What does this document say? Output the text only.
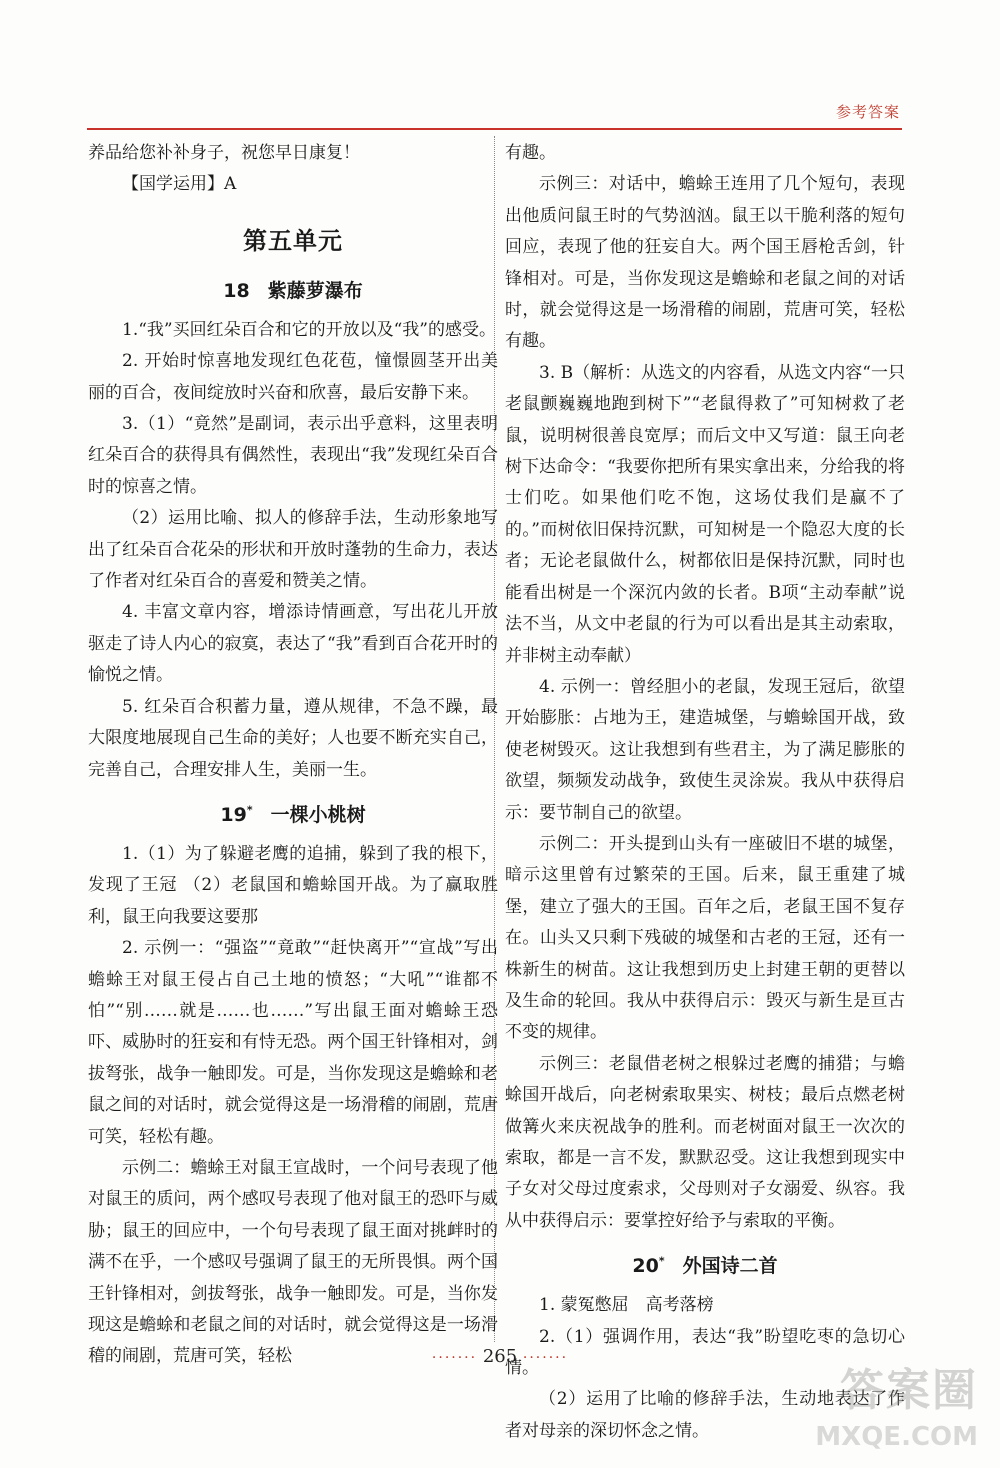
参考答案

养品给您补补身子，祝您早日康复！

【国学运用】A

第五单元
18 紫藤萝瀑布

1.“我”买回红朵百合和它的开放以及“我”的感受。

2. 开始时惊喜地发现红色花苞，憧憬圆茎开出美丽的百合，夜间绽放时兴奋和欣喜，最后安静下来。

3.（1）“竟然”是副词，表示出乎意料，这里表明红朵百合的获得具有偶然性，表现出“我”发现红朵百合时的惊喜之情。

（2）运用比喻、拟人的修辞手法，生动形象地写出了红朵百合花朵的形状和开放时蓬勃的生命力，表达了作者对红朵百合的喜爱和赞美之情。

4. 丰富文章内容，增添诗情画意，写出花儿开放驱走了诗人内心的寂寞，表达了“我”看到百合花开时的愉悦之情。

5. 红朵百合积蓄力量，遵从规律，不急不躁，最大限度地展现自己生命的美好；人也要不断充实自己，完善自己，合理安排人生，美丽一生。

19* 一棵小桃树

1.（1）为了躲避老鹰的追捕，躲到了我的根下，发现了王冠 （2）老鼠国和蟾蜍国开战。为了赢取胜利，鼠王向我要这要那

2. 示例一：“强盗”“竟敢”“赶快离开”“宣战”写出蟾蜍王对鼠王侵占自己土地的愤怒；“大吼”“谁都不怕”“别……就是……也……”写出鼠王面对蟾蜍王恐吓、威胁时的狂妄和有恃无恐。两个国王针锋相对，剑拔弩张，战争一触即发。可是，当你发现这是蟾蜍和老鼠之间的对话时，就会觉得这是一场滑稽的闹剧，荒唐可笑，轻松有趣。

示例二：蟾蜍王对鼠王宣战时，一个问号表现了他对鼠王的质问，两个感叹号表现了他对鼠王的恐吓与威胁；鼠王的回应中，一个句号表现了鼠王面对挑衅时的满不在乎，一个感叹号强调了鼠王的无所畏惧。两个国王针锋相对，剑拔弩张，战争一触即发。可是，当你发现这是蟾蜍和老鼠之间的对话时，就会觉得这是一场滑稽的闹剧，荒唐可笑，轻松

有趣。

示例三：对话中，蟾蜍王连用了几个短句，表现出他质问鼠王时的气势汹汹。鼠王以干脆利落的短句回应，表现了他的狂妄自大。两个国王唇枪舌剑，针锋相对。可是，当你发现这是蟾蜍和老鼠之间的对话时，就会觉得这是一场滑稽的闹剧，荒唐可笑，轻松有趣。

3. B（解析：从选文的内容看，从选文内容“一只老鼠颤巍巍地跑到树下”“老鼠得救了”可知树救了老鼠，说明树很善良宽厚；而后文中又写道：鼠王向老树下达命令：“我要你把所有果实拿出来，分给我的将士们吃。如果他们吃不饱，这场仗我们是赢不了的。”而树依旧保持沉默，可知树是一个隐忍大度的长者；无论老鼠做什么，树都依旧是保持沉默，同时也能看出树是一个深沉内敛的长者。B项“主动奉献”说法不当，从文中老鼠的行为可以看出是其主动索取，并非树主动奉献）

4. 示例一：曾经胆小的老鼠，发现王冠后，欲望开始膨胀：占地为王，建造城堡，与蟾蜍国开战，致使老树毁灭。这让我想到有些君主，为了满足膨胀的欲望，频频发动战争，致使生灵涂炭。我从中获得启示：要节制自己的欲望。

示例二：开头提到山头有一座破旧不堪的城堡，暗示这里曾有过繁荣的王国。后来，鼠王重建了城堡，建立了强大的王国。百年之后，老鼠王国不复存在。山头又只剩下残破的城堡和古老的王冠，还有一株新生的树苗。这让我想到历史上封建王朝的更替以及生命的轮回。我从中获得启示：毁灭与新生是亘古不变的规律。

示例三：老鼠借老树之根躲过老鹰的捕猎；与蟾蜍国开战后，向老树索取果实、树枝；最后点燃老树做篝火来庆祝战争的胜利。而老树面对鼠王一次次的索取，都是一言不发，默默忍受。这让我想到现实中子女对父母过度索求，父母则对子女溺爱、纵容。我从中获得启示：要掌控好给予与索取的平衡。

20* 外国诗二首

1. 蒙冤憋屈　高考落榜

2.（1）强调作用，表达“我”盼望吃枣的急切心情。

（2）运用了比喻的修辞手法，生动地表达了作者对母亲的深切怀念之情。

······· 265 ·······
答案圈
MXQE.COM
